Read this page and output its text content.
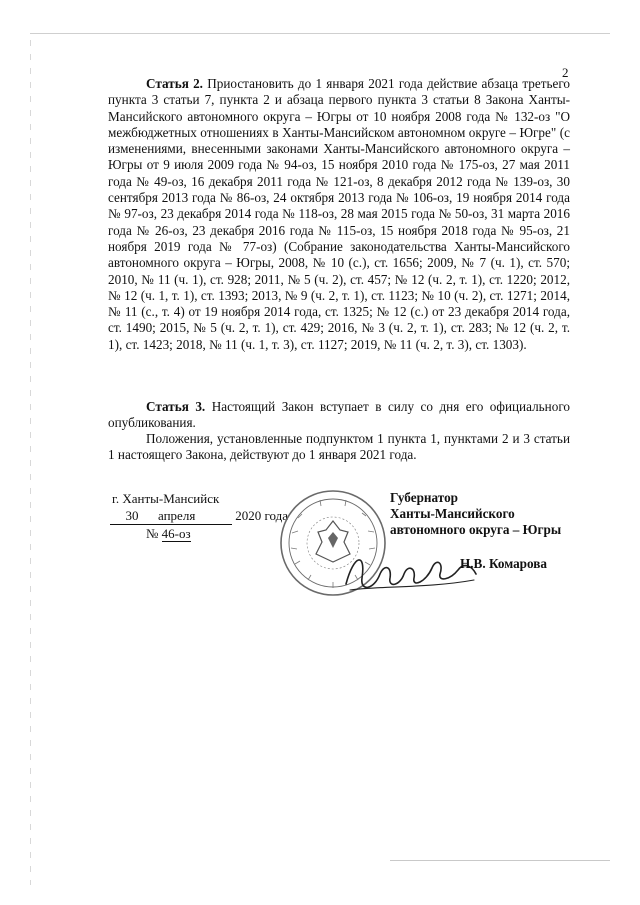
2

Статья 2. Приостановить до 1 января 2021 года действие абзаца третьего пункта 3 статьи 7, пункта 2 и абзаца первого пункта 3 статьи 8 Закона Ханты-Мансийского автономного округа – Югры от 10 ноября 2008 года № 132-оз "О межбюджетных отношениях в Ханты-Мансийском автономном округе – Югре" (с изменениями, внесенными законами Ханты-Мансийского автономного округа – Югры от 9 июля 2009 года № 94-оз, 15 ноября 2010 года № 175-оз, 27 мая 2011 года № 49-оз, 16 декабря 2011 года № 121-оз, 8 декабря 2012 года № 139-оз, 30 сентября 2013 года № 86-оз, 24 октября 2013 года № 106-оз, 19 ноября 2014 года № 97-оз, 23 декабря 2014 года № 118-оз, 28 мая 2015 года № 50-оз, 31 марта 2016 года № 26-оз, 23 декабря 2016 года № 115-оз, 15 ноября 2018 года № 95-оз, 21 ноября 2019 года № 77-оз) (Собрание законодательства Ханты-Мансийского автономного округа – Югры, 2008, № 10 (с.), ст. 1656; 2009, № 7 (ч. 1), ст. 570; 2010, № 11 (ч. 1), ст. 928; 2011, № 5 (ч. 2), ст. 457; № 12 (ч. 2, т. 1), ст. 1220; 2012, № 12 (ч. 1, т. 1), ст. 1393; 2013, № 9 (ч. 2, т. 1), ст. 1123; № 10 (ч. 2), ст. 1271; 2014, № 11 (с., т. 4) от 19 ноября 2014 года, ст. 1325; № 12 (с.) от 23 декабря 2014 года, ст. 1490; 2015, № 5 (ч. 2, т. 1), ст. 429; 2016, № 3 (ч. 2, т. 1), ст. 283; № 12 (ч. 2, т. 1), ст. 1423; 2018, № 11 (ч. 1, т. 3), ст. 1127; 2019, № 11 (ч. 2, т. 3), ст. 1303).

Статья 3. Настоящий Закон вступает в силу со дня его официального опубликования.

Положения, установленные подпунктом 1 пункта 1, пунктами 2 и 3 статьи 1 настоящего Закона, действуют до 1 января 2021 года.

г. Ханты-Мансийск
30 апреля	2020 года
№ 46-оз
Губернатор
Ханты-Мансийского
автономного округа – Югры
Н.В. Комарова
